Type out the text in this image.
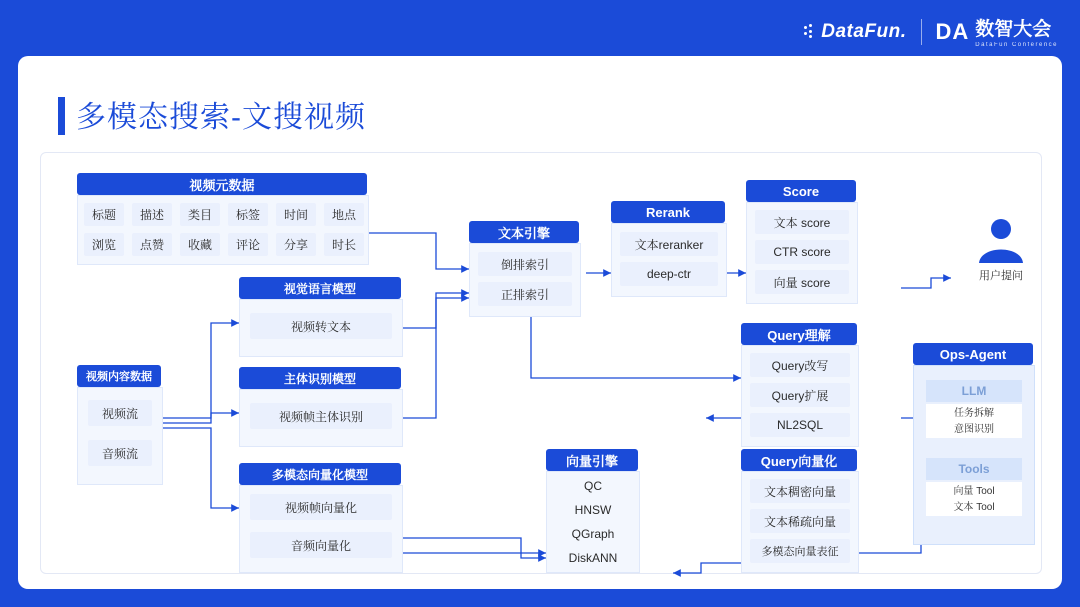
DataFun. DA 数智大会
DataFun Conference
多模态搜索-文搜视频
视频元数据
标题	描述	类目	标签	时间	地点
浏览	点赞	收藏	评论	分享	时长
视频内容数据
视频流
音频流
视觉语言模型
视频转文本
主体识别模型
视频帧主体识别
多模态向量化模型
视频帧向量化
音频向量化
文本引擎
倒排索引
正排索引
Rerank
文本reranker
deep-ctr
Score
文本 score
CTR score
向量 score	用户提问
Query理解
Query改写
Query扩展
NL2SQL
Query向量化
文本稠密向量
文本稀疏向量
多模态向量表征
向量引擎
QC
HNSW
QGraph
DiskANN
Ops-Agent
LLM
任务拆解
意图识别
Tools
向量 Tool
文本 Tool
